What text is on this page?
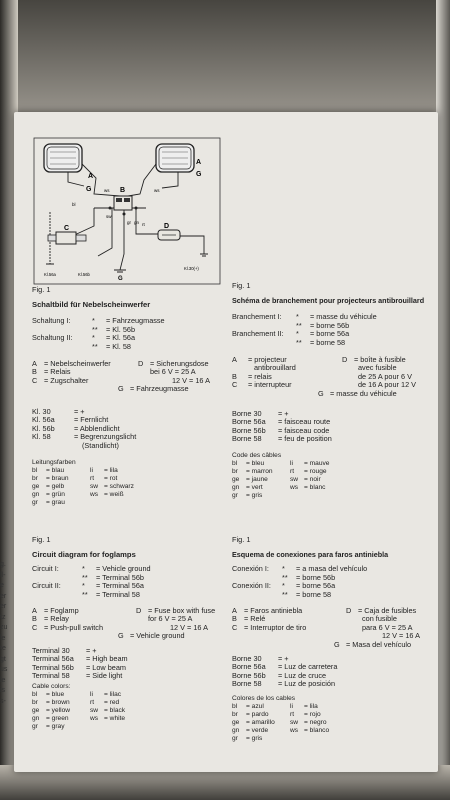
A
G
A
G
ws	ws
bl
sw
gr gn rt
B
C	D
Kl.56a	Kl.56b
Kl.30(+)
G

Fig. 1

Schaltbild für Nebelscheinwerfer

Schaltung I:	*	= Fahrzeugmasse
**	= Kl. 56b
Schaltung II:	*	= Kl. 56a
**	= Kl. 58
A = Nebelscheinwerfer
B = Relais
C = Zugschalter
D = Sicherungsdose
bei 6 V = 25 A
12 V = 16 A
G = Fahrzeugmasse
Kl. 30	= +
Kl. 56a	= Fernlicht
Kl. 56b	= Abblendlicht
Kl. 58	= Begrenzungslicht
(Standlicht)
Leitungsfarben
bl	= blau	li	= lila
br	= braun	rt	= rot
ge	= gelb	sw = schwarz
gn	= grün	ws = weiß
gr	= grau

Fig. 1

Schéma de branchement pour projecteurs antibrouillard

Branchement I:	*	= masse du véhicule
**	= borne 56b
Branchement II:	*	= borne 56a
**	= borne 58
A	= projecteur
antibrouillard
B	= relais
C	= interrupteur
D = boîte à fusible
avec fusible
de 25 A pour 6 V
de 16 A pour 12 V
G = masse du véhicule
Borne 30	= +
Borne 56a	= faisceau route
Borne 56b	= faisceau code
Borne 58	= feu de position
Code des câbles
bl	= bleu	li	= mauve
br	= marron	rt	= rouge
ge	= jaune	sw = noir
gn	= vert	ws = blanc
gr	= gris

Fig. 1

Circuit diagram for foglamps

Circuit I:	*	= Vehicle ground
**	= Terminal 56b
Circuit II:	*	= Terminal 56a
**	= Terminal 58
A = Foglamp
B = Relay
C = Push-pull switch
D = Fuse box with fuse
for 6 V = 25 A
12 V = 16 A
G = Vehicle ground
Terminal 30	= +
Terminal 56a	= High beam
Terminal 56b	= Low beam
Terminal 58	= Side light
Cable colors:
bl	= blue	li	= lilac
br	= brown	rt	= red
ge	= yellow	sw = black
gn	= green	ws = white
gr	= gray

Fig. 1

Esquema de conexiones para faros antiniebla

Conexión I:	*	= a masa del vehículo
**	= borne 56b
Conexión II:	*	= borne 56a
**	= borne 58
A = Faros antiniebla
B = Relé
C = Interruptor de tiro
D = Caja de fusibles
con fusible
para 6 V = 25 A
12 V = 16 A
G = Masa del vehículo
Borne 30	= +
Borne 56a	= Luz de carretera
Borne 56b	= Luz de cruce
Borne 58	= Luz de posición
Colores de los cables
bl	= azul	li	= lila
br	= pardo	rt	= rojo
ge	= amarillo	sw = negro
gn	= verde	ws = blanco
gr	= gris
g.
ll-
e
er
er
tz
zu
le
te
gt
us
le
is
s-
